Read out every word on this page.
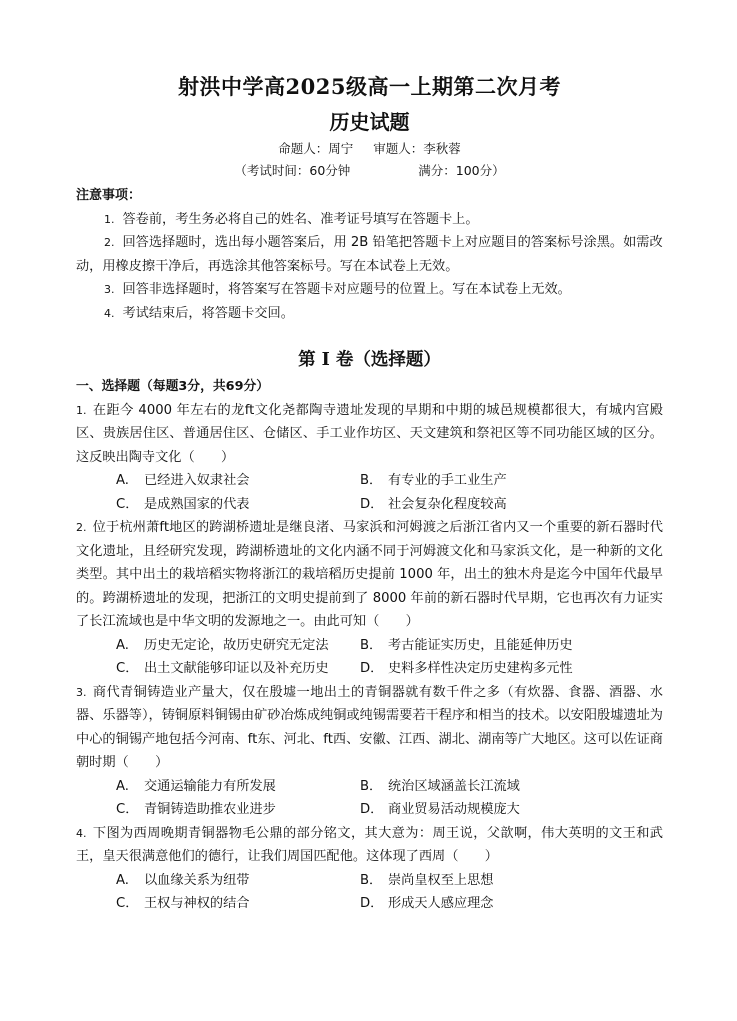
射洪中学高2025级高一上期第二次月考
历史试题
命题人：周宁 审题人：李秋蓉
（考试时间：60分钟	满分：100分）
注意事项：
1. 答卷前，考生务必将自己的姓名、准考证号填写在答题卡上。
2. 回答选择题时，选出每小题答案后，用 2B 铅笔把答题卡上对应题目的答案标号涂黑。如需改动，用橡皮擦干净后，再选涂其他答案标号。写在本试卷上无效。
3. 回答非选择题时，将答案写在答题卡对应题号的位置上。写在本试卷上无效。
4. 考试结束后，将答题卡交回。
第 I 卷（选择题）
一、选择题（每题3分，共69分）
1. 在距今 4000 年左右的龙ft文化尧都陶寺遗址发现的早期和中期的城邑规模都很大，有城内宫殿区、贵族居住区、普通居住区、仓储区、手工业作坊区、天文建筑和祭祀区等不同功能区域的区分。这反映出陶寺文化（　　）
A. 已经进入奴隶社会	B． 有专业的手工业生产
C． 是成熟国家的代表	D． 社会复杂化程度较高
2. 位于杭州萧ft地区的跨湖桥遗址是继良渚、马家浜和河姆渡之后浙江省内又一个重要的新石器时代文化遗址，且经研究发现，跨湖桥遗址的文化内涵不同于河姆渡文化和马家浜文化，是一种新的文化类型。其中出土的栽培稻实物将浙江的栽培稻历史提前 1000 年，出土的独木舟是迄今中国年代最早的。跨湖桥遗址的发现，把浙江的文明史提前到了 8000 年前的新石器时代早期，它也再次有力证实了长江流域也是中华文明的发源地之一。由此可知（　　）
A. 历史无定论，故历史研究无定法	B． 考古能证实历史，且能延伸历史
C． 出土文献能够印证以及补充历史	D． 史料多样性决定历史建构多元性
3. 商代青铜铸造业产量大，仅在殷墟一地出土的青铜器就有数千件之多（有炊器、食器、酒器、水器、乐器等），铸铜原料铜锡由矿砂冶炼成纯铜或纯锡需要若干程序和相当的技术。以安阳殷墟遗址为中心的铜锡产地包括今河南、ft东、河北、ft西、安徽、江西、湖北、湖南等广大地区。这可以佐证商朝时期（　　）
A. 交通运输能力有所发展	B． 统治区域涵盖长江流域
C． 青铜铸造助推农业进步	D． 商业贸易活动规模庞大
4. 下图为西周晚期青铜器物毛公鼎的部分铭文，其大意为：周王说，父歆啊，伟大英明的文王和武王，皇天很满意他们的德行，让我们周国匹配他。这体现了西周（　　）
A. 以血缘关系为纽带	B． 崇尚皇权至上思想
C． 王权与神权的结合	D． 形成天人感应理念
